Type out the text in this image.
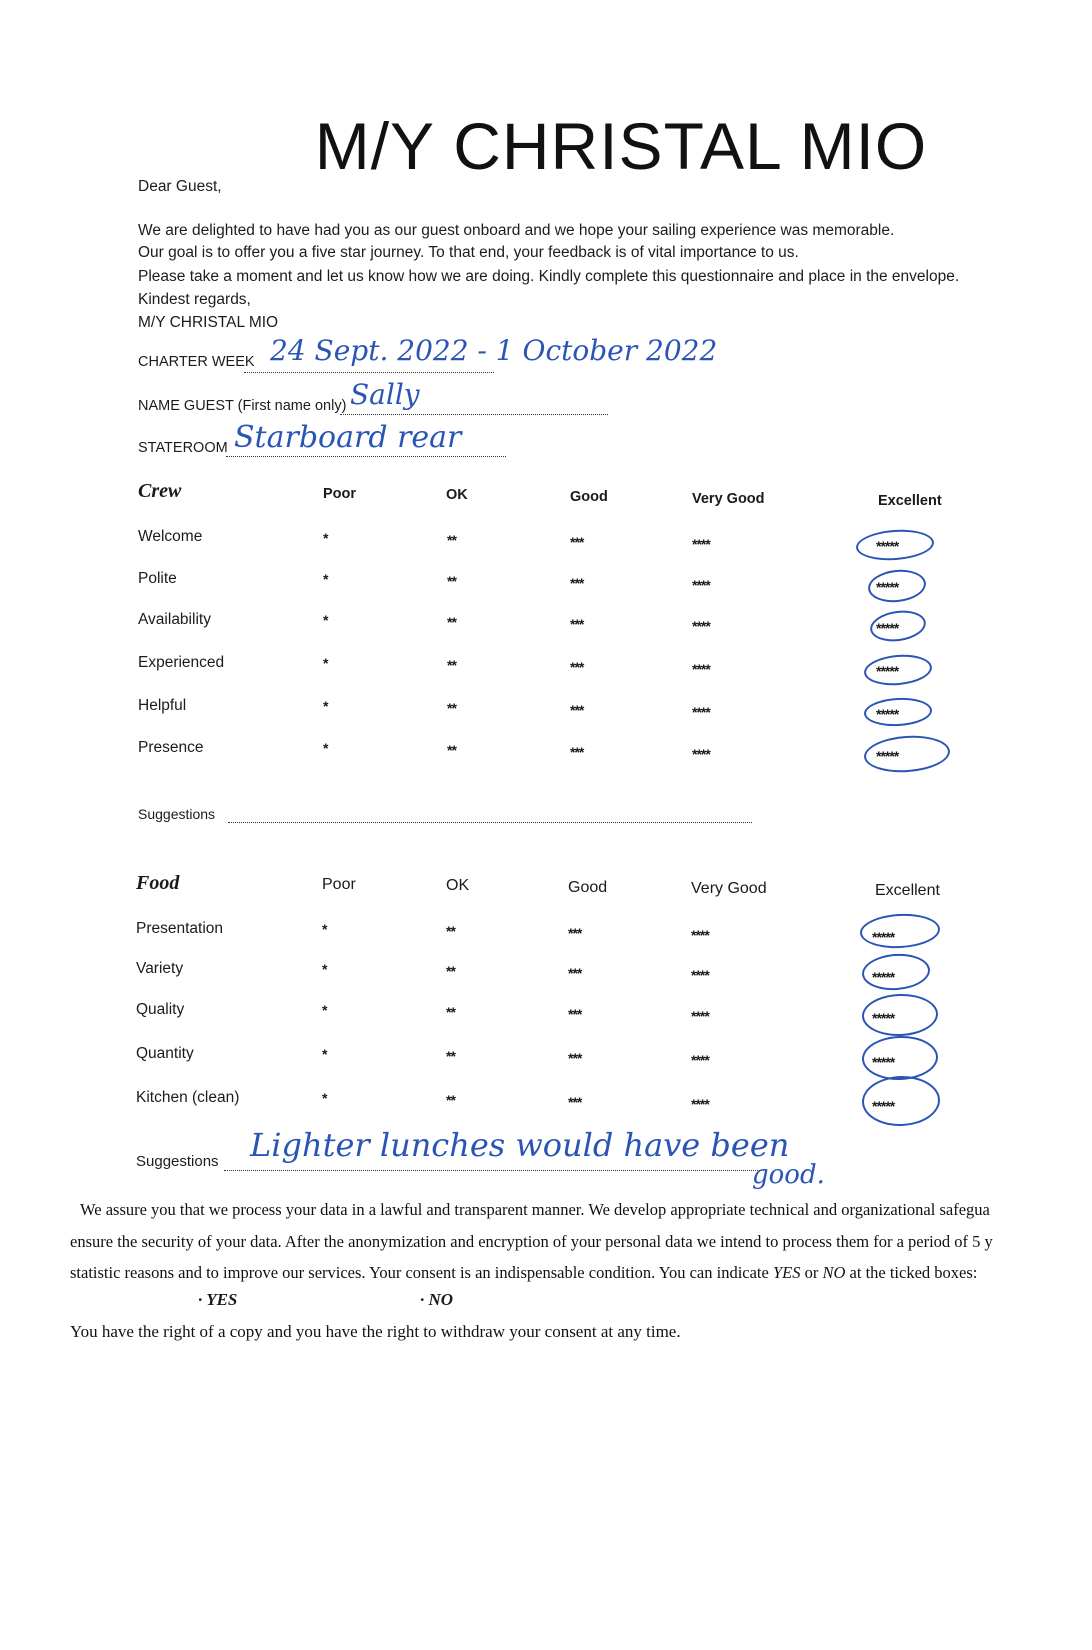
M/Y CHRISTAL MIO
Dear Guest,
We are delighted to have had you as our guest onboard and we hope your sailing experience was memorable.
Our goal is to offer you a five star journey. To that end, your feedback is of vital importance to us.
Please take a moment and let us know how we are doing. Kindly complete this questionnaire and place in the envelope.
Kindest regards,
M/Y CHRISTAL MIO
CHARTER WEEK 24 Sept. 2022 - 1 October 2022
NAME GUEST (First name only) Sally
STATEROOM Starboard rear
Crew	Poor	OK	Good	Very Good	Excellent
Welcome	*	**	***	****	*****
Polite	*	**	***	****	*****
Availability	*	**	***	****	*****
Experienced	*	**	***	****	*****
Helpful	*	**	***	****	*****
Presence	*	**	***	****	*****
Suggestions
Food	Poor	OK	Good	Very Good	Excellent
Presentation	*	**	***	****	*****
Variety	*	**	***	****	*****
Quality	*	**	***	****	*****
Quantity	*	**	***	****	*****
Kitchen (clean)	*	**	***	****	*****
Suggestions Lighter lunches would have been
good.
We assure you that we process your data in a lawful and transparent manner. We develop appropriate technical and organizational safegua
ensure the security of your data. After the anonymization and encryption of your personal data we intend to process them for a period of 5 y
statistic reasons and to improve our services. Your consent is an indispensable condition. You can indicate YES or NO at the ticked boxes:
· YES	· NO
You have the right of a copy and you have the right to withdraw your consent at any time.
